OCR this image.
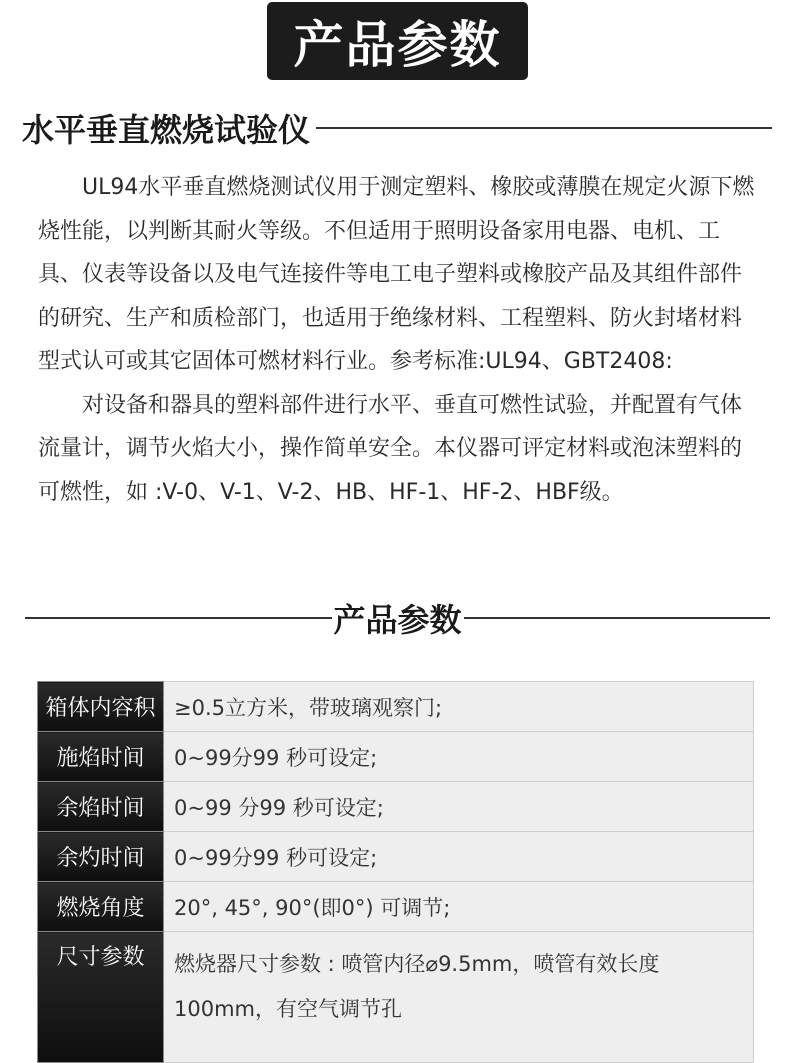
产品参数
水平垂直燃烧试验仪

UL94水平垂直燃烧测试仪用于测定塑料、橡胶或薄膜在规定火源下燃烧性能，以判断其耐火等级。不但适用于照明设备家用电器、电机、工具、仪表等设备以及电气连接件等电工电子塑料或橡胶产品及其组件部件的研究、生产和质检部门，也适用于绝缘材料、工程塑料、防火封堵材料型式认可或其它固体可燃材料行业。参考标准:UL94、GBT2408:

对设备和器具的塑料部件进行水平、垂直可燃性试验，并配置有气体流量计，调节火焰大小，操作简单安全。本仪器可评定材料或泡沫塑料的可燃性，如 :V-0、V-1、V-2、HB、HF-1、HF-2、HBF级。

产品参数
箱体内容积	≥0.5立方米，带玻璃观察门;
施焰时间	0~99分99 秒可设定;
余焰时间	0~99 分99 秒可设定;
余灼时间	0~99分99 秒可设定;
燃烧角度	20°, 45°, 90°(即0°) 可调节;
尺寸参数	燃烧器尺寸参数 : 喷管内径⌀9.5mm，喷管有效长度100mm，有空气调节孔
